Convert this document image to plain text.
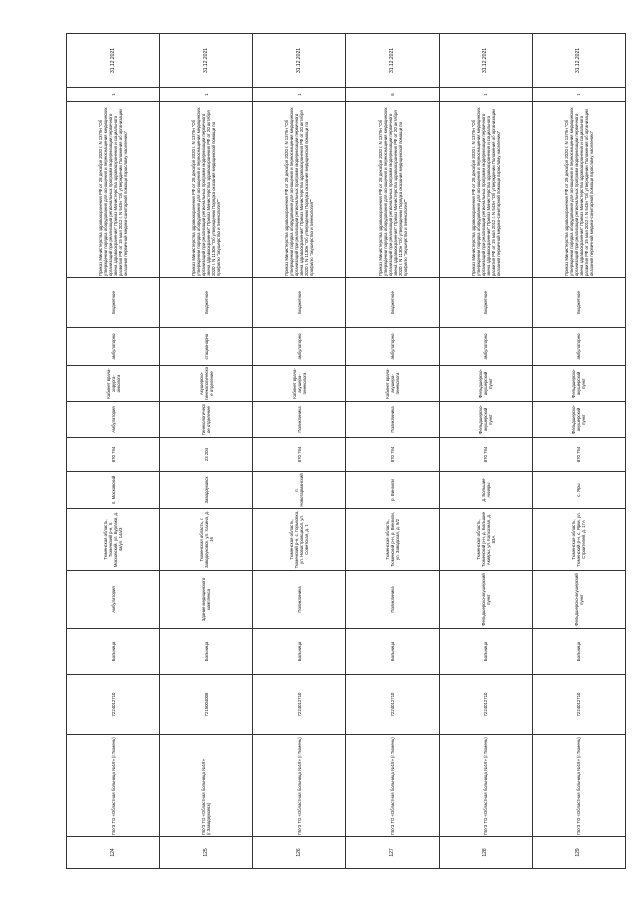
124	ГБУЗ ТО «Областная больница №19» (г.Тюмень)	7224012710	Больница	Амбулатория	Тюменская область, Тюменский р-н, п. Московский, ул. Бурлаки, д. 4а/ул. 14а/3	п. Московский	870 794	Амбулатория	Кабинет врача-хирурга-онколога	амбулаторно	Бюджетное	Приказ Министерства здравоохранения РФ от 28 декабря 2020 г. N 1379н "Об утверждении порядка оборудования для оснащения и переоснащения медицинских организаций при реализации региональных программ модернизации первичного звена здравоохранения" Приказ Министерства здравоохранения и социального развития РФ от 15 мая 2012 г. N 543н "Об утверждении Положения об организации оказания первичной медико-санитарной помощи взрослому населению"	1	31.12.2021
125	ГБУЗ ТО «Областная больница №19» (г.Заводоуковск)	7215004008	Больница	Здание медицинского комплекса	Тюменская область, г. Заводоуковск, ул. Хахина, д. 16	Заводоуковск	23 204	Гинекологическое отделение	Акушерско-гинекологическое отделение	стационарно	Бюджетное	Приказ Министерства здравоохранения РФ от 28 декабря 2020 г. N 1379н "Об утверждении порядка оборудования для оснащения и переоснащения медицинских организаций при реализации региональных программ модернизации первичного звена здравоохранения" Приказ Министерства здравоохранения РФ от 20 октября 2020 г. N 1130н "Об утверждении Порядка оказания медицинской помощи по профилю "акушерство и гинекология""	1	31.12.2021
126	ГБУЗ ТО «Областная больница №19» (г.Тюмень)	7224012710	Больница	Поликлиника	Тюменская область, Тюменский р-н, с. Горьковка, ул. Новостроящихся, ул. Советская, д. 1	п. Новотарманский	870 794	Поликлиника	Кабинет врача-акушера-гинеколога	амбулаторно	Бюджетное	Приказ Министерства здравоохранения РФ от 28 декабря 2020 г. N 1379н "Об утверждении порядка оборудования для оснащения и переоснащения медицинских организаций при реализации региональных программ модернизации первичного звена здравоохранения" Приказ Министерства здравоохранения РФ от 20 октября 2020 г. N 1130н "Об утверждении Порядка оказания медицинской помощи по профилю "акушерство и гинекология""	1	31.12.2021
127	ГБУЗ ТО «Областная больница №19» (г.Тюмень)	7224012710	Больница	Поликлиника	Тюменская область, Тюменский р-н, р. Винзили, ул. Заводская, д. 5/2	р. Винзили	870 794	Поликлиника	Кабинет врача-акушера-гинеколога	амбулаторно	Бюджетное	Приказ Министерства здравоохранения РФ от 28 декабря 2020 г. N 1379н "Об утверждении порядка оборудования для оснащения и переоснащения медицинских организаций при реализации региональных программ модернизации первичного звена здравоохранения" Приказ Министерства здравоохранения РФ от 20 октября 2020 г. N 1130н "Об утверждении Порядка оказания медицинской помощи по профилю "акушерство и гинекология""	6	31.12.2021
128	ГБУЗ ТО «Областная больница №19» (г.Тюмень)	7224012710	Больница	Фельдшерско-акушерский пункт	Тюменская область, Тюменский р-н, д. Большие Акияры, ул. Колхозная, д. 83А	д. Большие Акияры	870 794	Фельдшерско-акушерский пункт	Фельдшерско-акушерский пункт	амбулаторно	Бюджетное	Приказ Министерства здравоохранения РФ от 28 декабря 2020 г. N 1379н "Об утверждении порядка оборудования для оснащения и переоснащения медицинских организаций при реализации региональных программ модернизации первичного звена здравоохранения" Приказ Министерства здравоохранения и социального развития РФ от 15 мая 2012 г. N 543н "Об утверждении Положения об организации оказания первичной медико-санитарной помощи взрослому населению"	1	31.12.2021
129	ГБУЗ ТО «Областная больница №19» (г.Тюмень)	7224012710	Больница	Фельдшерско-акушерский пункт	Тюменская область, Тюменский р-н, с. Ярки, ул. Строителей, д. 17А	с. Яры	870 794	Фельдшерско-акушерский пункт	Фельдшерско-акушерский пункт	амбулаторно	Бюджетное	Приказ Министерства здравоохранения РФ от 28 декабря 2020 г. N 1379н "Об утверждении порядка оборудования для оснащения и переоснащения медицинских организаций при реализации региональных программ модернизации первичного звена здравоохранения" Приказ Министерства здравоохранения и социального развития РФ от 15 мая 2012 г. N 543н "Об утверждении Положения об организации оказания первичной медико-санитарной помощи взрослому населению"	1	31.12.2021
